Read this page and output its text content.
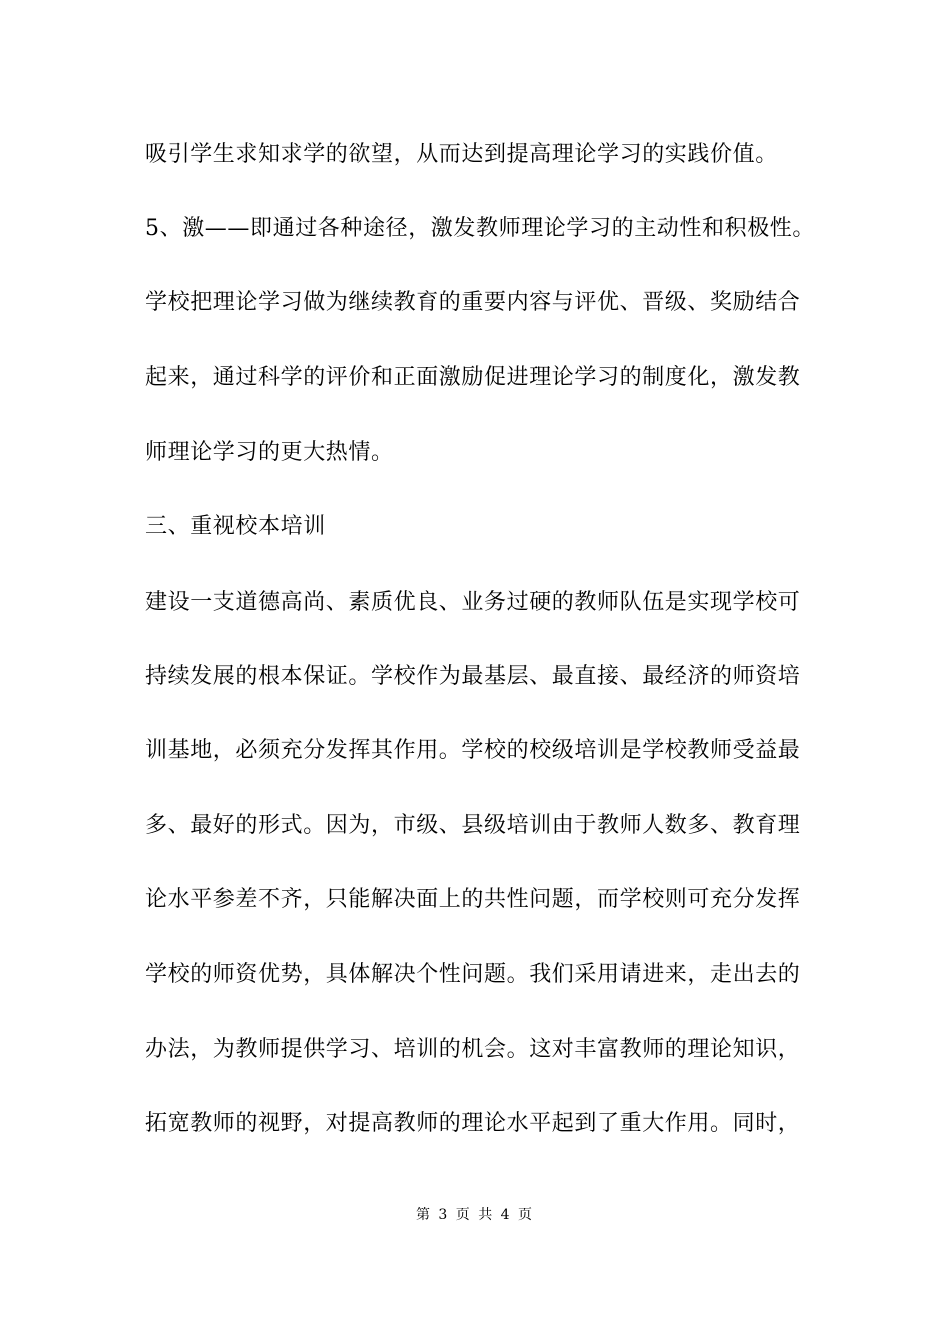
吸引学生求知求学的欲望，从而达到提高理论学习的实践价值。
5、激——即通过各种途径，激发教师理论学习的主动性和积极性。
学校把理论学习做为继续教育的重要内容与评优、晋级、奖励结合
起来，通过科学的评价和正面激励促进理论学习的制度化，激发教
师理论学习的更大热情。
三、重视校本培训
建设一支道德高尚、素质优良、业务过硬的教师队伍是实现学校可
持续发展的根本保证。学校作为最基层、最直接、最经济的师资培
训基地，必须充分发挥其作用。学校的校级培训是学校教师受益最
多、最好的形式。因为，市级、县级培训由于教师人数多、教育理
论水平参差不齐，只能解决面上的共性问题，而学校则可充分发挥
学校的师资优势，具体解决个性问题。我们采用请进来，走出去的
办法，为教师提供学习、培训的机会。这对丰富教师的理论知识，
拓宽教师的视野，对提高教师的理论水平起到了重大作用。同时，
第 3 页 共 4 页
